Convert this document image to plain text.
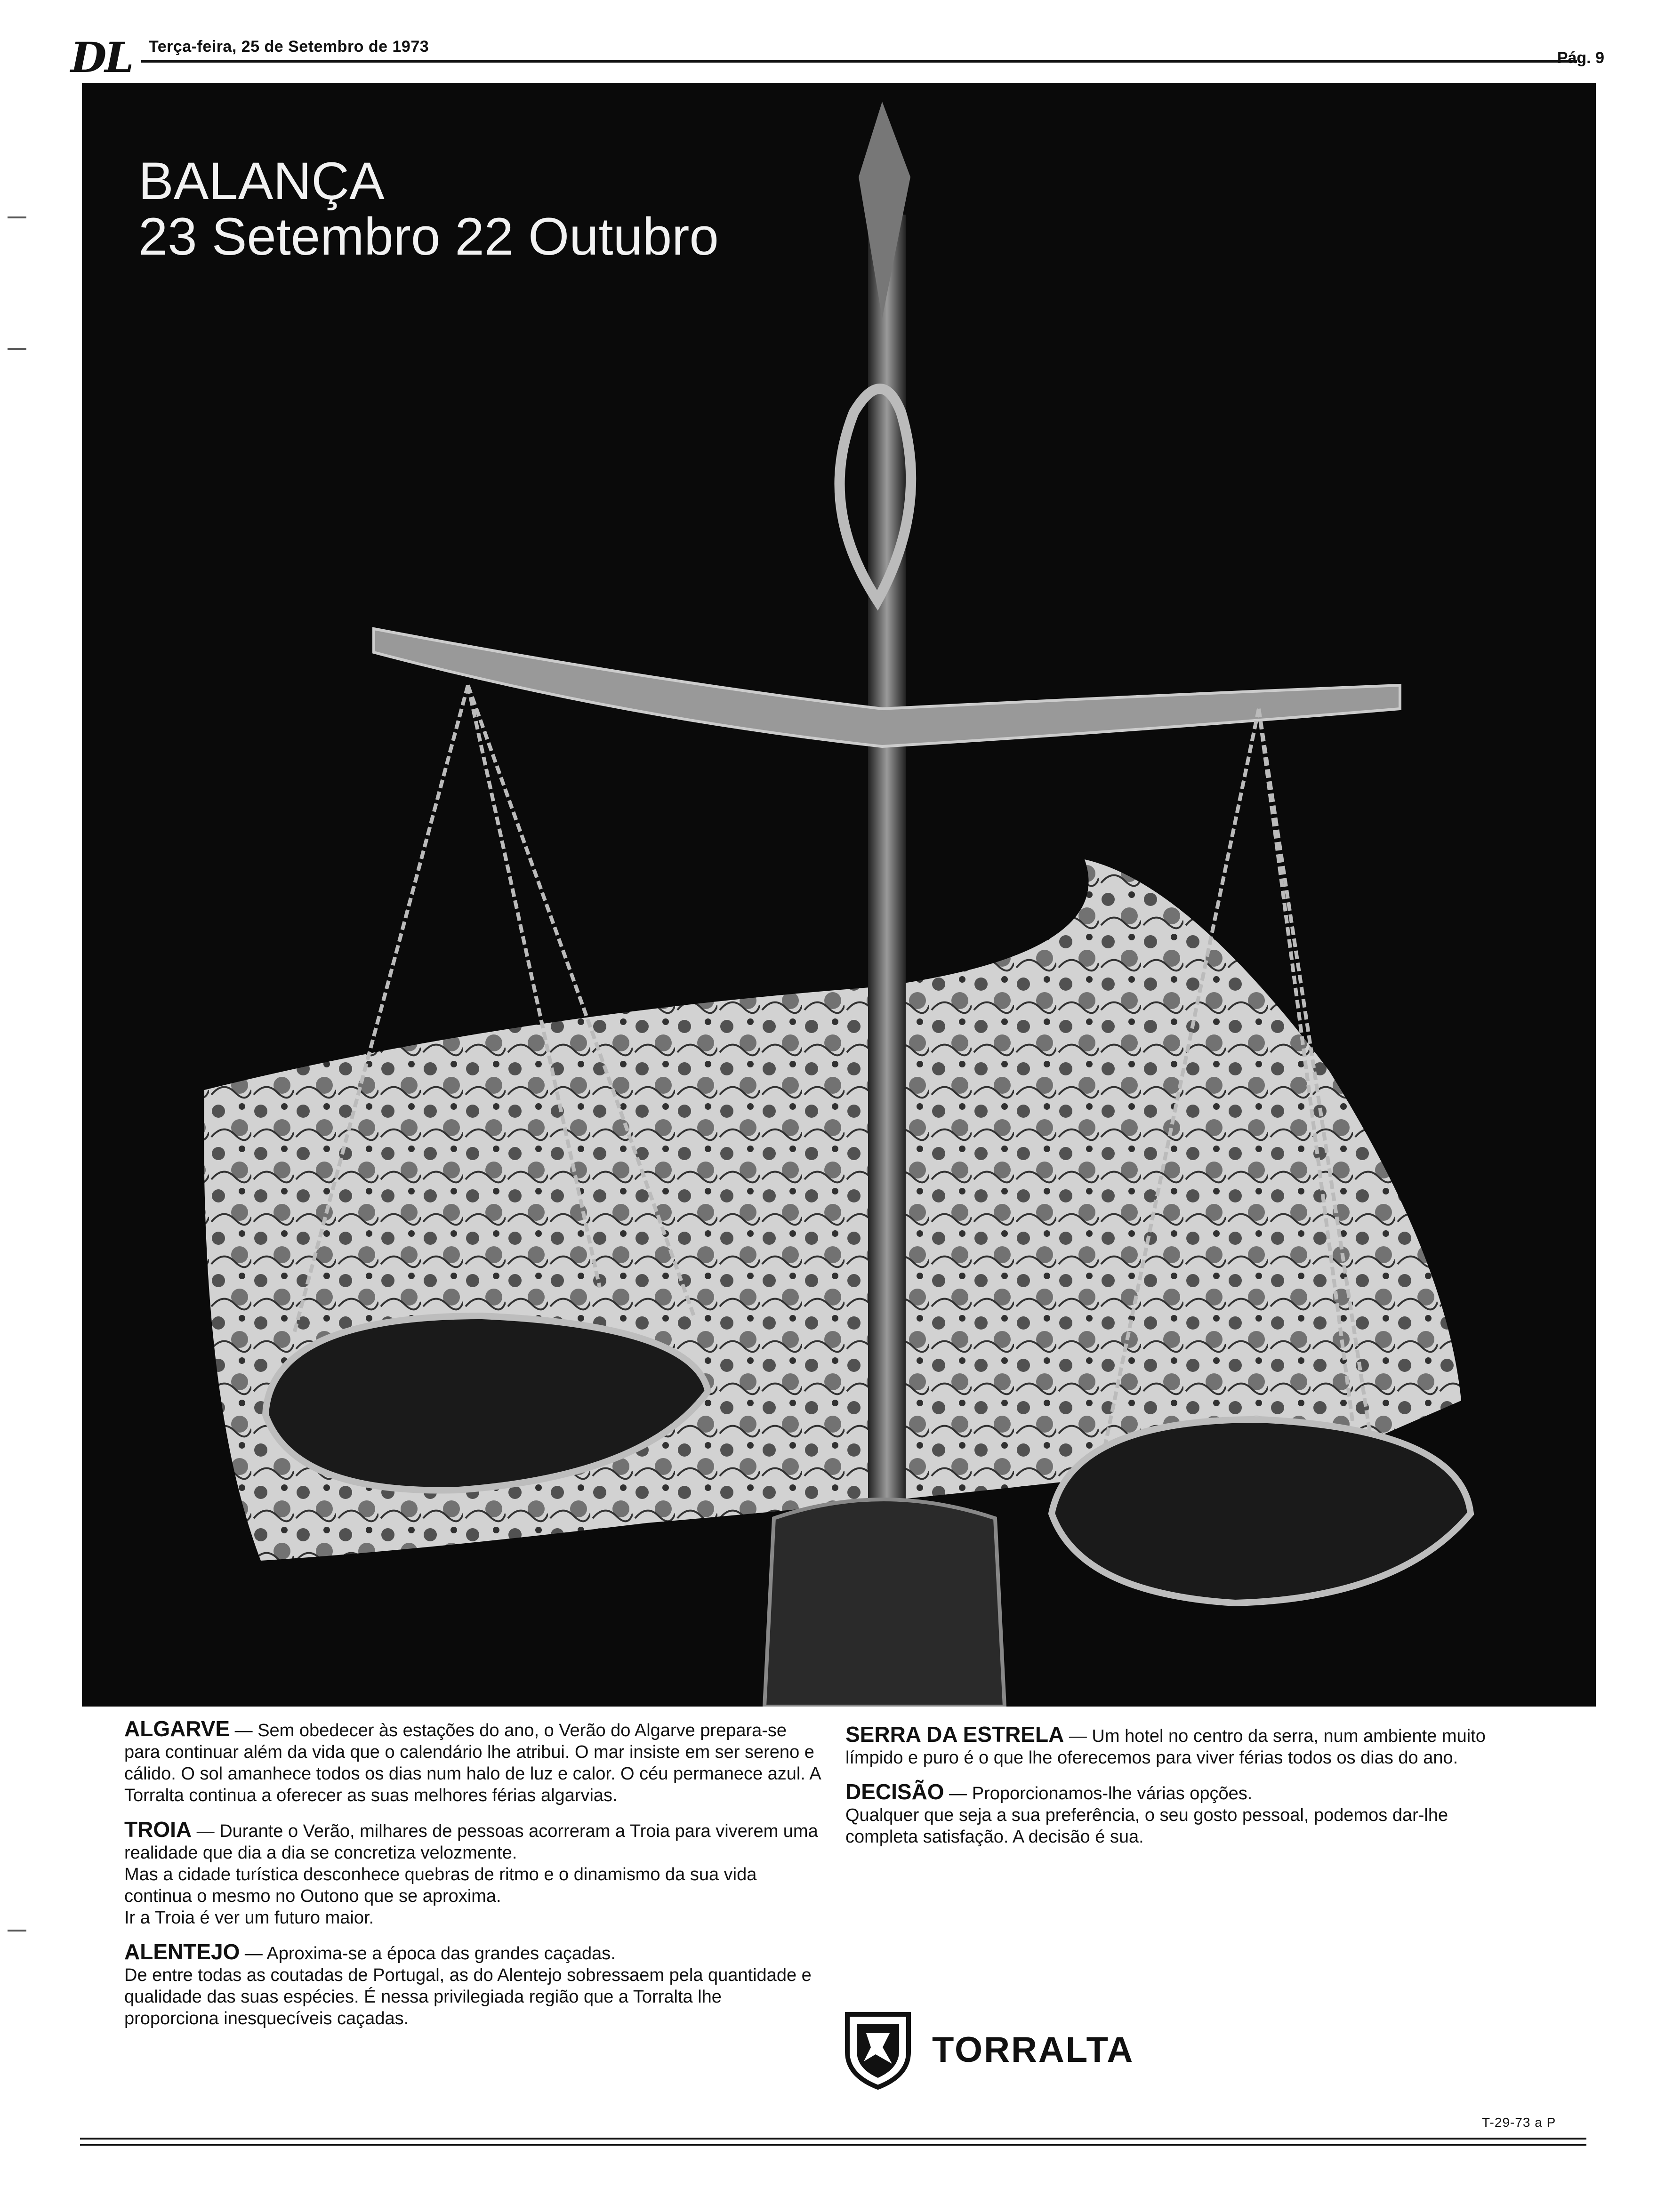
DL Terça-feira, 25 de Setembro de 1973
Pág. 9
BALANÇA
23 Setembro 22 Outubro

ALGARVE — Sem obedecer às estações do ano, o Verão do Algarve prepara-se para continuar além da vida que o calendário lhe atribui. O mar insiste em ser sereno e cálido. O sol amanhece todos os dias num halo de luz e calor. O céu permanece azul. A Torralta continua a oferecer as suas melhores férias algarvias.

TROIA — Durante o Verão, milhares de pessoas acorreram a Troia para viverem uma realidade que dia a dia se concretiza velozmente.
Mas a cidade turística desconhece quebras de ritmo e o dinamismo da sua vida continua o mesmo no Outono que se aproxima.
Ir a Troia é ver um futuro maior.

ALENTEJO — Aproxima-se a época das grandes caçadas.
De entre todas as coutadas de Portugal, as do Alentejo sobressaem pela quantidade e qualidade das suas espécies. É nessa privilegiada região que a Torralta lhe proporciona inesquecíveis caçadas.

SERRA DA ESTRELA — Um hotel no centro da serra, num ambiente muito límpido e puro é o que lhe oferecemos para viver férias todos os dias do ano.

DECISÃO — Proporcionamos-lhe várias opções.
Qualquer que seja a sua preferência, o seu gosto pessoal, podemos dar-lhe completa satisfação. A decisão é sua.

TORRALTA
T-29-73 a P
